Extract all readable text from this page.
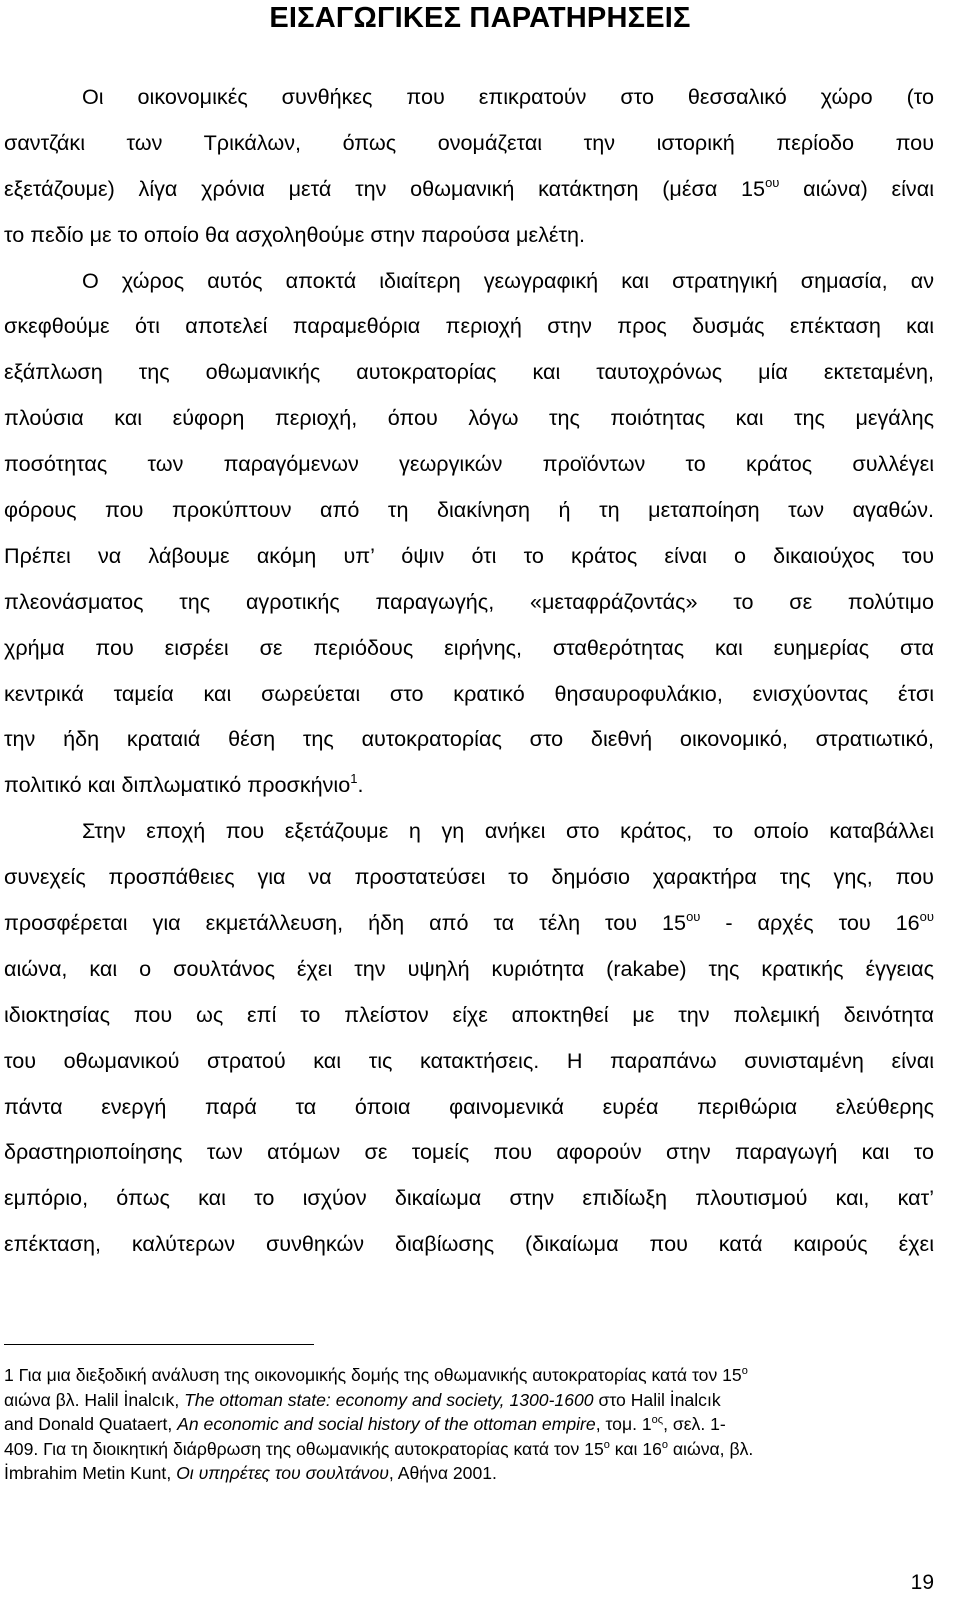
ΕΙΣΑΓΩΓΙΚΕΣ ΠΑΡΑΤΗΡΗΣΕΙΣ
Οι οικονομικές συνθήκες που επικρατούν στο θεσσαλικό χώρο (το
σαντζάκι των Τρικάλων, όπως ονομάζεται την ιστορική περίοδο που
εξετάζουμε) λίγα χρόνια μετά την οθωμανική κατάκτηση (μέσα $15^{o\upsilon}$ αιώνα) είναι
το πεδίο με το οποίο θα ασχοληθούμε στην παρούσα μελέτη.
Ο χώρος αυτός αποκτά ιδιαίτερη γεωγραφική και στρατηγική σημασία, αν
σκεφθούμε ότι αποτελεί παραμεθόρια περιοχή στην προς δυσμάς επέκταση και
εξάπλωση της οθωμανικής αυτοκρατορίας και ταυτοχρόνως μία εκτεταμένη,
πλούσια και εύφορη περιοχή, όπου λόγω της ποιότητας και της μεγάλης
ποσότητας των παραγόμενων γεωργικών προϊόντων το κράτος συλλέγει
φόρους που προκύπτουν από τη διακίνηση ή τη μεταποίηση των αγαθών.
Πρέπει να λάβουμε ακόμη υπ’ όψιν ότι το κράτος είναι ο δικαιούχος του
πλεονάσματος της αγροτικής παραγωγής, «μεταφράζοντάς» το σε πολύτιμο
χρήμα που εισρέει σε περιόδους ειρήνης, σταθερότητας και ευημερίας στα
κεντρικά ταμεία και σωρεύεται στο κρατικό θησαυροφυλάκιο, ενισχύοντας έτσι
την ήδη κραταιά θέση της αυτοκρατορίας στο διεθνή οικονομικό, στρατιωτικό,
πολιτικό και διπλωματικό προσκήνιο$^1$.
Στην εποχή που εξετάζουμε η γη ανήκει στο κράτος, το οποίο καταβάλλει
συνεχείς προσπάθειες για να προστατεύσει το δημόσιο χαρακτήρα της γης, που
προσφέρεται για εκμετάλλευση, ήδη από τα τέλη του $15^{o\upsilon}$ - αρχές του $16^{o\upsilon}$
αιώνα, και ο σουλτάνος έχει την υψηλή κυριότητα (rakabe) της κρατικής έγγειας
ιδιοκτησίας που ως επί το πλείστον είχε αποκτηθεί με την πολεμική δεινότητα
του οθωμανικού στρατού και τις κατακτήσεις. Η παραπάνω συνισταμένη είναι
πάντα ενεργή παρά τα όποια φαινομενικά ευρέα περιθώρια ελεύθερης
δραστηριοποίησης των ατόμων σε τομείς που αφορούν στην παραγωγή και το
εμπόριο, όπως και το ισχύον δικαίωμα στην επιδίωξη πλουτισμού και, κατ’
επέκταση, καλύτερων συνθηκών διαβίωσης (δικαίωμα που κατά καιρούς έχει
1 Για μια διεξοδική ανάλυση της οικονομικής δομής της οθωμανικής αυτοκρατορίας κατά τον $15^o$
αιώνα βλ. Halil İnalcık, The ottoman state: economy and society, 1300-1600 στο Halil İnalcık
and Donald Quataert, An economic and social history of the ottoman empire, τομ. $1^{o\varsigma}$, σελ. 1-
409. Για τη διοικητική διάρθρωση της οθωμανικής αυτοκρατορίας κατά τον $15^o$ και $16^o$ αιώνα, βλ.
İmbrahim Metin Kunt, Οι υπηρέτες του σουλτάνου, Αθήνα 2001.
19
